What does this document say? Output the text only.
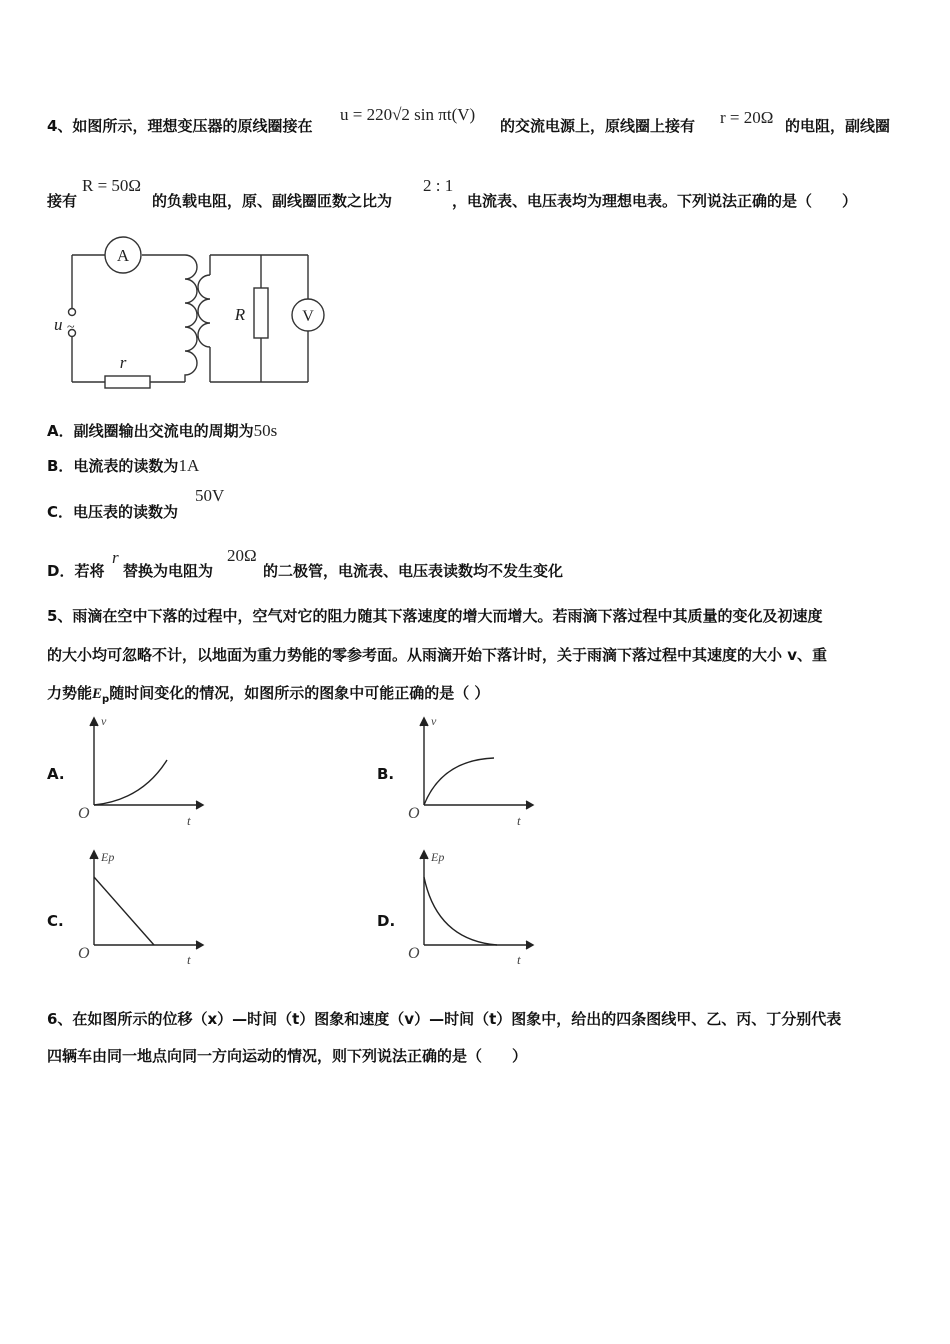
4、如图所示，理想变压器的原线圈接在
u = 220√2 sin πt(V)
的交流电源上，原线圈上接有 r = 20Ω 的电阻，副线圈
接有
R = 50Ω
的负载电阻，原、副线圈匝数之比为
2 : 1
，电流表、电压表均为理想电表。下列说法正确的是（　　）
A
R	V
r
u ~
A．副线圈输出交流电的周期为50s
B．电流表的读数为1A
C．电压表的读数为
50V
D．若将
r
替换为电阻为
20Ω
的二极管，电流表、电压表读数均不发生变化
5、雨滴在空中下落的过程中，空气对它的阻力随其下落速度的增大而增大。若雨滴下落过程中其质量的变化及初速度
的大小均可忽略不计，以地面为重力势能的零参考面。从雨滴开始下落计时，关于雨滴下落过程中其速度的大小 v、重
力势能$E_p$随时间变化的情况，如图所示的图象中可能正确的是（ ）
A.	B.
C.	D.
v
O	t
v
O	t
Ep
O	t
Ep
O	t
6、在如图所示的位移（x）—时间（t）图象和速度（v）—时间（t）图象中，给出的四条图线甲、乙、丙、丁分别代表
四辆车由同一地点向同一方向运动的情况，则下列说法正确的是（　　）
